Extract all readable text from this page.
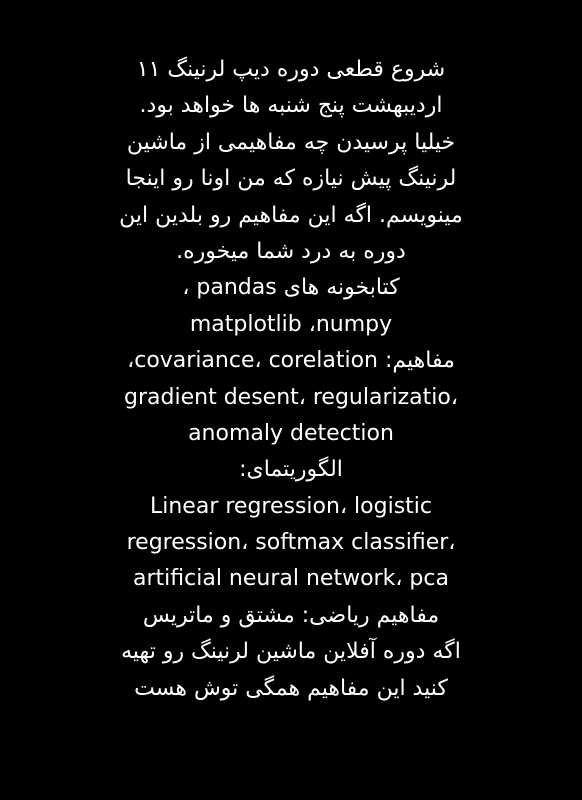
شروع قطعی دوره دیپ لرنینگ ۱۱
اردیبهشت پنج شنبه ها خواهد بود.
خیلیا پرسیدن چه مفاهیمی از ماشین
لرنینگ پیش نیازه که من اونا رو اینجا
مینویسم. اگه این مفاهیم رو بلدین این
دوره به درد شما میخوره.
کتابخونه های pandas ،
matplotlib ،numpy
مفاهیم: covariance، corelation،
gradient desent، regularizatio،
anomaly detection
الگوریتمای:
Linear regression، logistic
regression، softmax classifier،
artificial neural network، pca
مفاهیم ریاضی: مشتق و ماتریس
اگه دوره آفلاین ماشین لرنینگ رو تهیه
کنید این مفاهیم همگی توش هست
